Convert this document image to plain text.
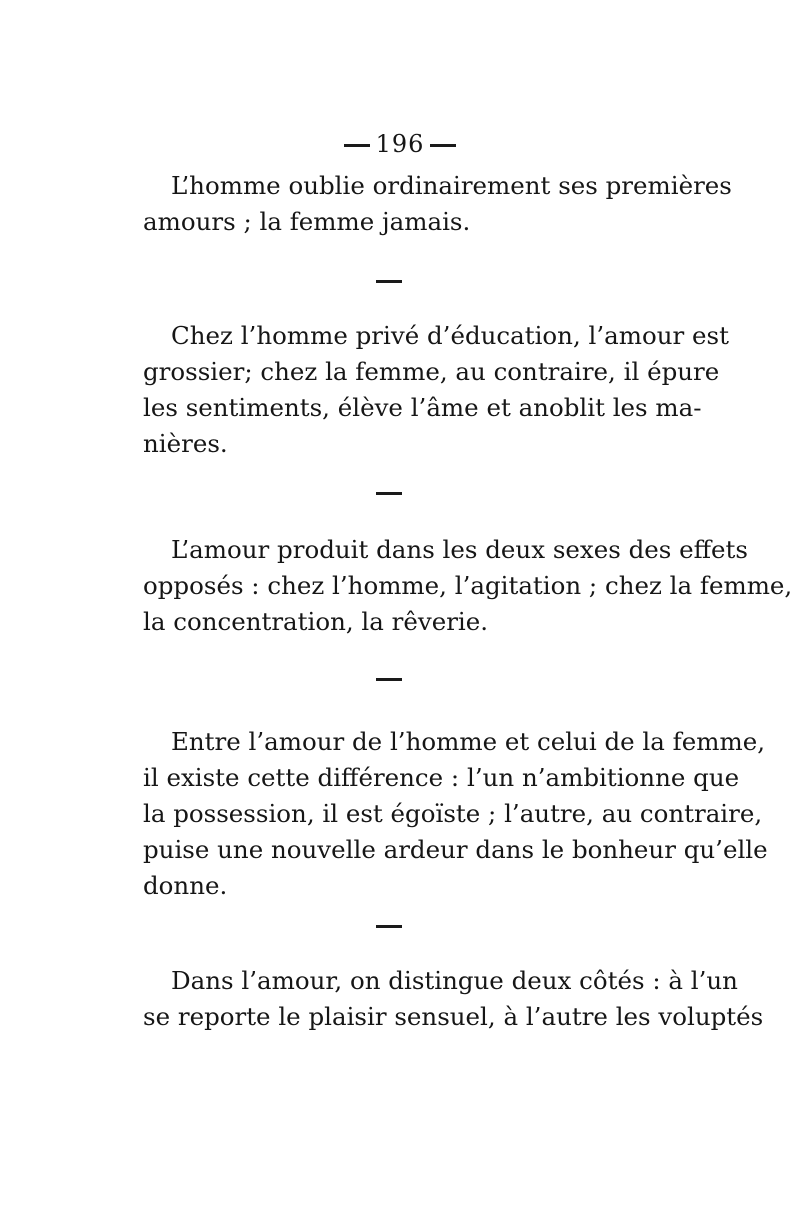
196
L’homme oublie ordinairement ses premières
amours ; la femme jamais.
Chez l’homme privé d’éducation, l’amour est
grossier; chez la femme, au contraire, il épure
les sentiments, élève l’âme et anoblit les ma-
nières.
L’amour produit dans les deux sexes des effets
opposés : chez l’homme, l’agitation ; chez la femme,
la concentration, la rêverie.
Entre l’amour de l’homme et celui de la femme,
il existe cette différence : l’un n’ambitionne que
la possession, il est égoïste ; l’autre, au contraire,
puise une nouvelle ardeur dans le bonheur qu’elle
donne.
Dans l’amour, on distingue deux côtés : à l’un
se reporte le plaisir sensuel, à l’autre les voluptés
